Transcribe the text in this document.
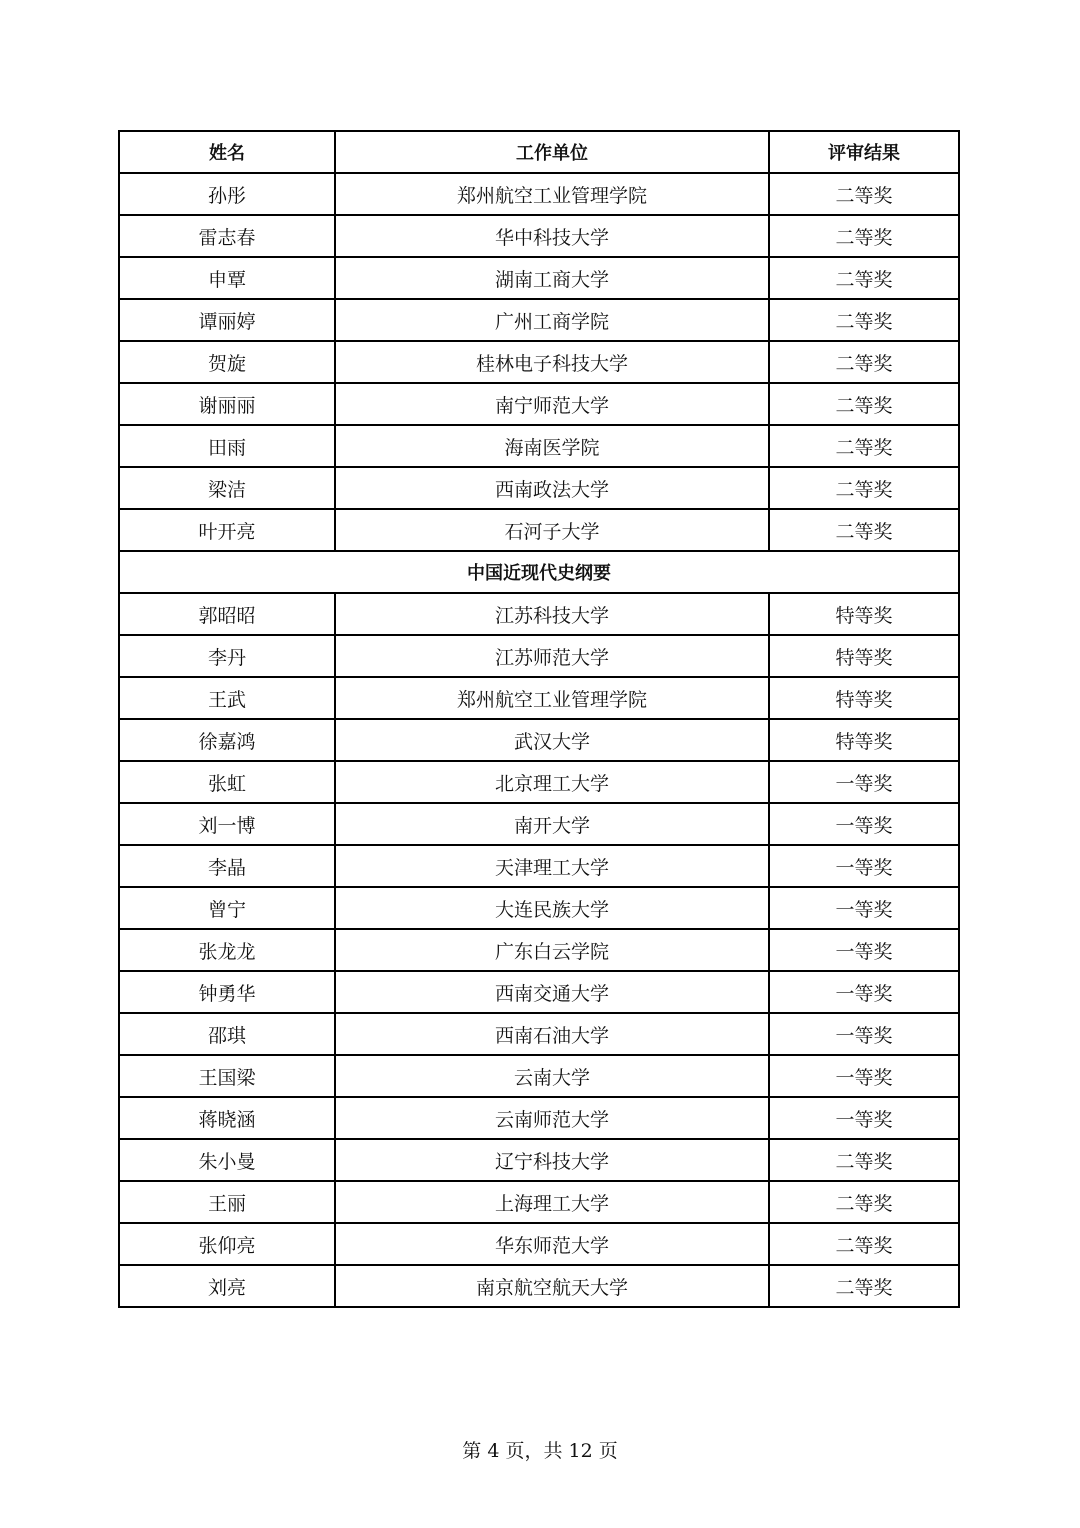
姓名	工作单位	评审结果
孙彤	郑州航空工业管理学院	二等奖
雷志春	华中科技大学	二等奖
申覃	湖南工商大学	二等奖
谭丽婷	广州工商学院	二等奖
贺旋	桂林电子科技大学	二等奖
谢丽丽	南宁师范大学	二等奖
田雨	海南医学院	二等奖
梁洁	西南政法大学	二等奖
叶开亮	石河子大学	二等奖
中国近现代史纲要		
郭昭昭	江苏科技大学	特等奖
李丹	江苏师范大学	特等奖
王武	郑州航空工业管理学院	特等奖
徐嘉鸿	武汉大学	特等奖
张虹	北京理工大学	一等奖
刘一博	南开大学	一等奖
李晶	天津理工大学	一等奖
曾宁	大连民族大学	一等奖
张龙龙	广东白云学院	一等奖
钟勇华	西南交通大学	一等奖
邵琪	西南石油大学	一等奖
王国梁	云南大学	一等奖
蒋晓涵	云南师范大学	一等奖
朱小曼	辽宁科技大学	二等奖
王丽	上海理工大学	二等奖
张仰亮	华东师范大学	二等奖
刘亮	南京航空航天大学	二等奖
第 4 页，共 12 页
